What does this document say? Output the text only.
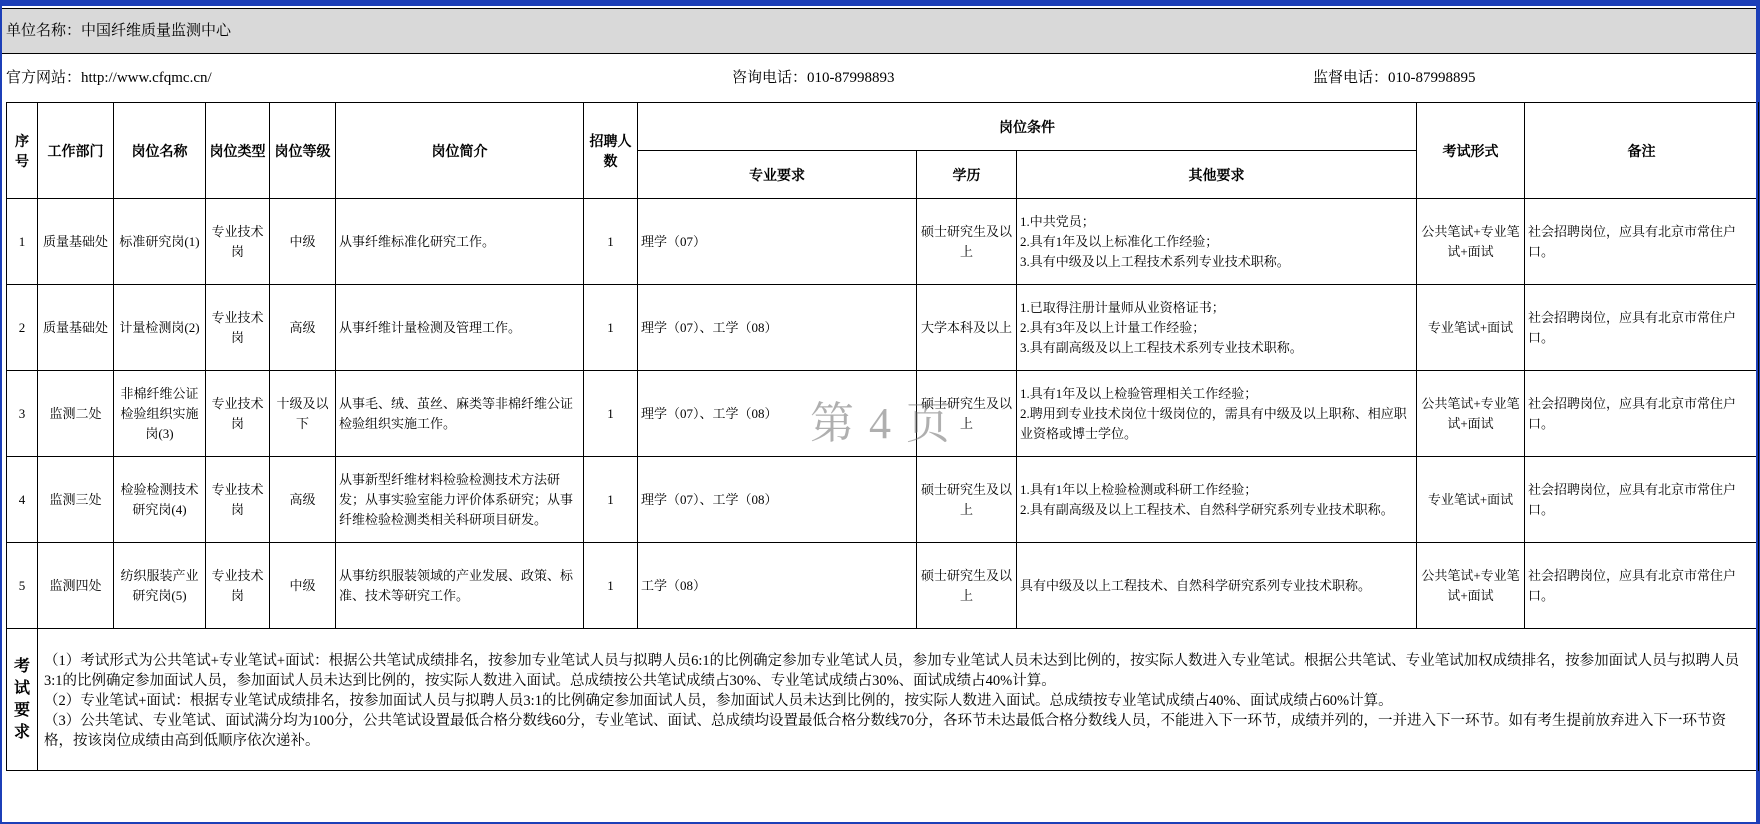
单位名称：中国纤维质量监测中心
官方网站：http://www.cfqmc.cn/	咨询电话：010-87998893	监督电话：010-87998895
序号	工作部门	岗位名称	岗位类型	岗位等级	岗位简介	招聘人数	岗位条件			考试形式	备注
							专业要求	学历	其他要求		
1	质量基础处	标准研究岗(1)	专业技术岗	中级	从事纤维标准化研究工作。	1	理学（07）	硕士研究生及以上	1.中共党员；
2.具有1年及以上标准化工作经验；
3.具有中级及以上工程技术系列专业技术职称。	公共笔试+专业笔试+面试	社会招聘岗位，应具有北京市常住户口。
2	质量基础处	计量检测岗(2)	专业技术岗	高级	从事纤维计量检测及管理工作。	1	理学（07）、工学（08）	大学本科及以上	1.已取得注册计量师从业资格证书；
2.具有3年及以上计量工作经验；
3.具有副高级及以上工程技术系列专业技术职称。	专业笔试+面试	社会招聘岗位，应具有北京市常住户口。
3	监测二处	非棉纤维公证检验组织实施岗(3)	专业技术岗	十级及以下	从事毛、绒、茧丝、麻类等非棉纤维公证检验组织实施工作。	1	理学（07）、工学（08）	硕士研究生及以上	1.具有1年及以上检验管理相关工作经验；
2.聘用到专业技术岗位十级岗位的，需具有中级及以上职称、相应职业资格或博士学位。	公共笔试+专业笔试+面试	社会招聘岗位，应具有北京市常住户口。
4	监测三处	检验检测技术研究岗(4)	专业技术岗	高级	从事新型纤维材料检验检测技术方法研发；从事实验室能力评价体系研究；从事纤维检验检测类相关科研项目研发。	1	理学（07）、工学（08）	硕士研究生及以上	1.具有1年以上检验检测或科研工作经验；
2.具有副高级及以上工程技术、自然科学研究系列专业技术职称。	专业笔试+面试	社会招聘岗位，应具有北京市常住户口。
5	监测四处	纺织服装产业研究岗(5)	专业技术岗	中级	从事纺织服装领域的产业发展、政策、标准、技术等研究工作。	1	工学（08）	硕士研究生及以上	具有中级及以上工程技术、自然科学研究系列专业技术职称。	公共笔试+专业笔试+面试	社会招聘岗位，应具有北京市常住户口。

考试要求	（1）考试形式为公共笔试+专业笔试+面试：根据公共笔试成绩排名，按参加专业笔试人员与拟聘人员6:1的比例确定参加专业笔试人员，参加专业笔试人员未达到比例的，按实际人数进入专业笔试。根据公共笔试、专业笔试加权成绩排名，按参加面试人员与拟聘人员3:1的比例确定参加面试人员，参加面试人员未达到比例的，按实际人数进入面试。总成绩按公共笔试成绩占30%、专业笔试成绩占30%、面试成绩占40%计算。

（2）专业笔试+面试：根据专业笔试成绩排名，按参加面试人员与拟聘人员3:1的比例确定参加面试人员，参加面试人员未达到比例的，按实际人数进入面试。总成绩按专业笔试成绩占40%、面试成绩占60%计算。

（3）公共笔试、专业笔试、面试满分均为100分，公共笔试设置最低合格分数线60分，专业笔试、面试、总成绩均设置最低合格分数线70分，各环节未达最低合格分数线人员，不能进入下一环节，成绩并列的，一并进入下一环节。如有考生提前放弃进入下一环节资格，按该岗位成绩由高到低顺序依次递补。										

第 4 页
